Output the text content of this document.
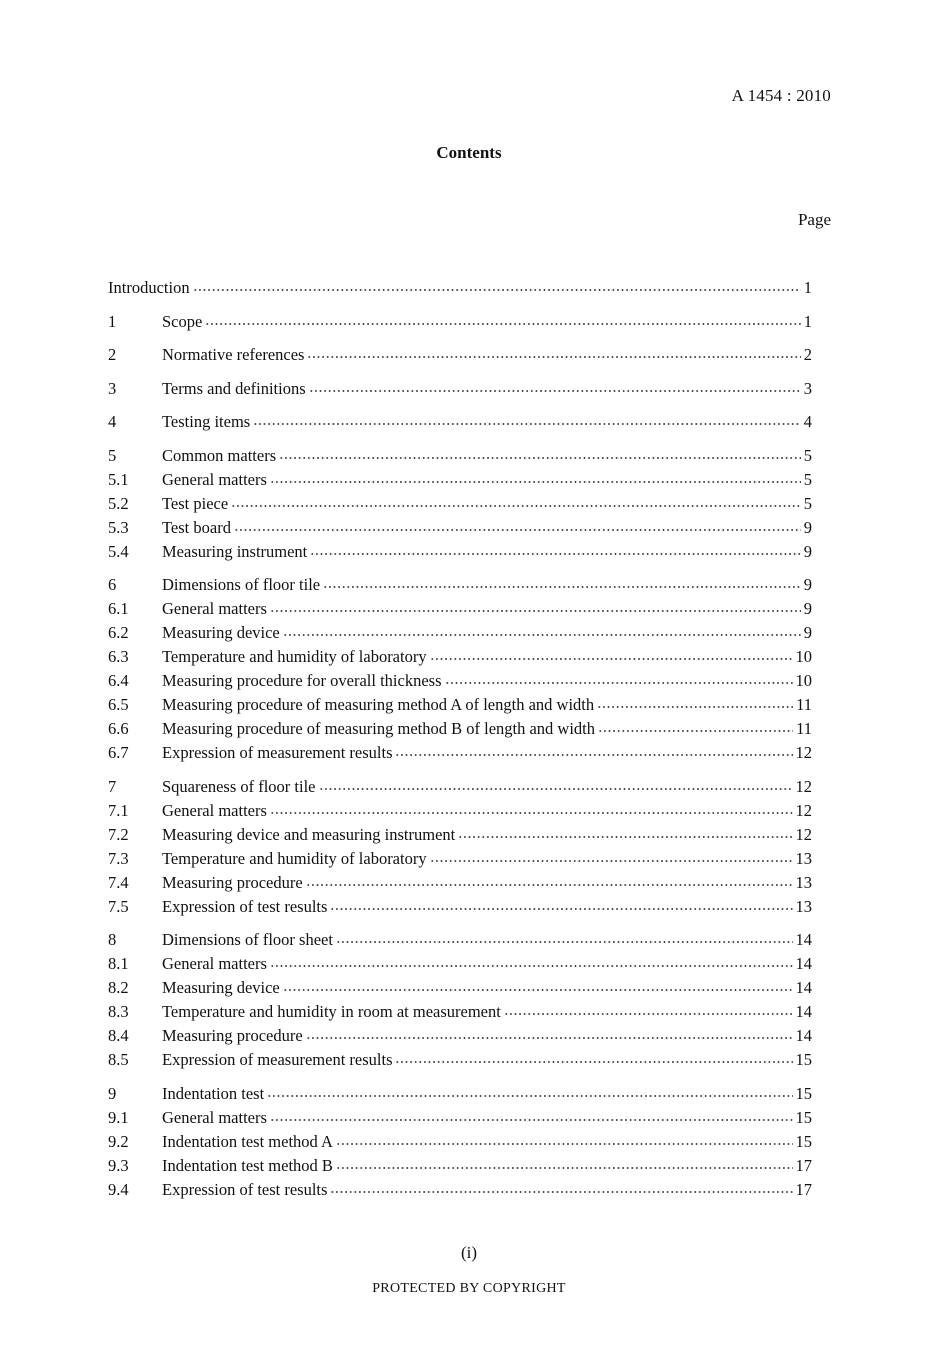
A 1454 : 2010
Contents
Page
Introduction	1
1	Scope	1
2	Normative references	2
3	Terms and definitions	3
4	Testing items	4
5	Common matters	5
5.1	General matters	5
5.2	Test piece	5
5.3	Test board	9
5.4	Measuring instrument	9
6	Dimensions of floor tile	9
6.1	General matters	9
6.2	Measuring device	9
6.3	Temperature and humidity of laboratory	10
6.4	Measuring procedure for overall thickness	10
6.5	Measuring procedure of measuring method A of length and width	11
6.6	Measuring procedure of measuring method B of length and width	11
6.7	Expression of measurement results	12
7	Squareness of floor tile	12
7.1	General matters	12
7.2	Measuring device and measuring instrument	12
7.3	Temperature and humidity of laboratory	13
7.4	Measuring procedure	13
7.5	Expression of test results	13
8	Dimensions of floor sheet	14
8.1	General matters	14
8.2	Measuring device	14
8.3	Temperature and humidity in room at measurement	14
8.4	Measuring procedure	14
8.5	Expression of measurement results	15
9	Indentation test	15
9.1	General matters	15
9.2	Indentation test method A	15
9.3	Indentation test method B	17
9.4	Expression of test results	17
(i)
PROTECTED BY COPYRIGHT
